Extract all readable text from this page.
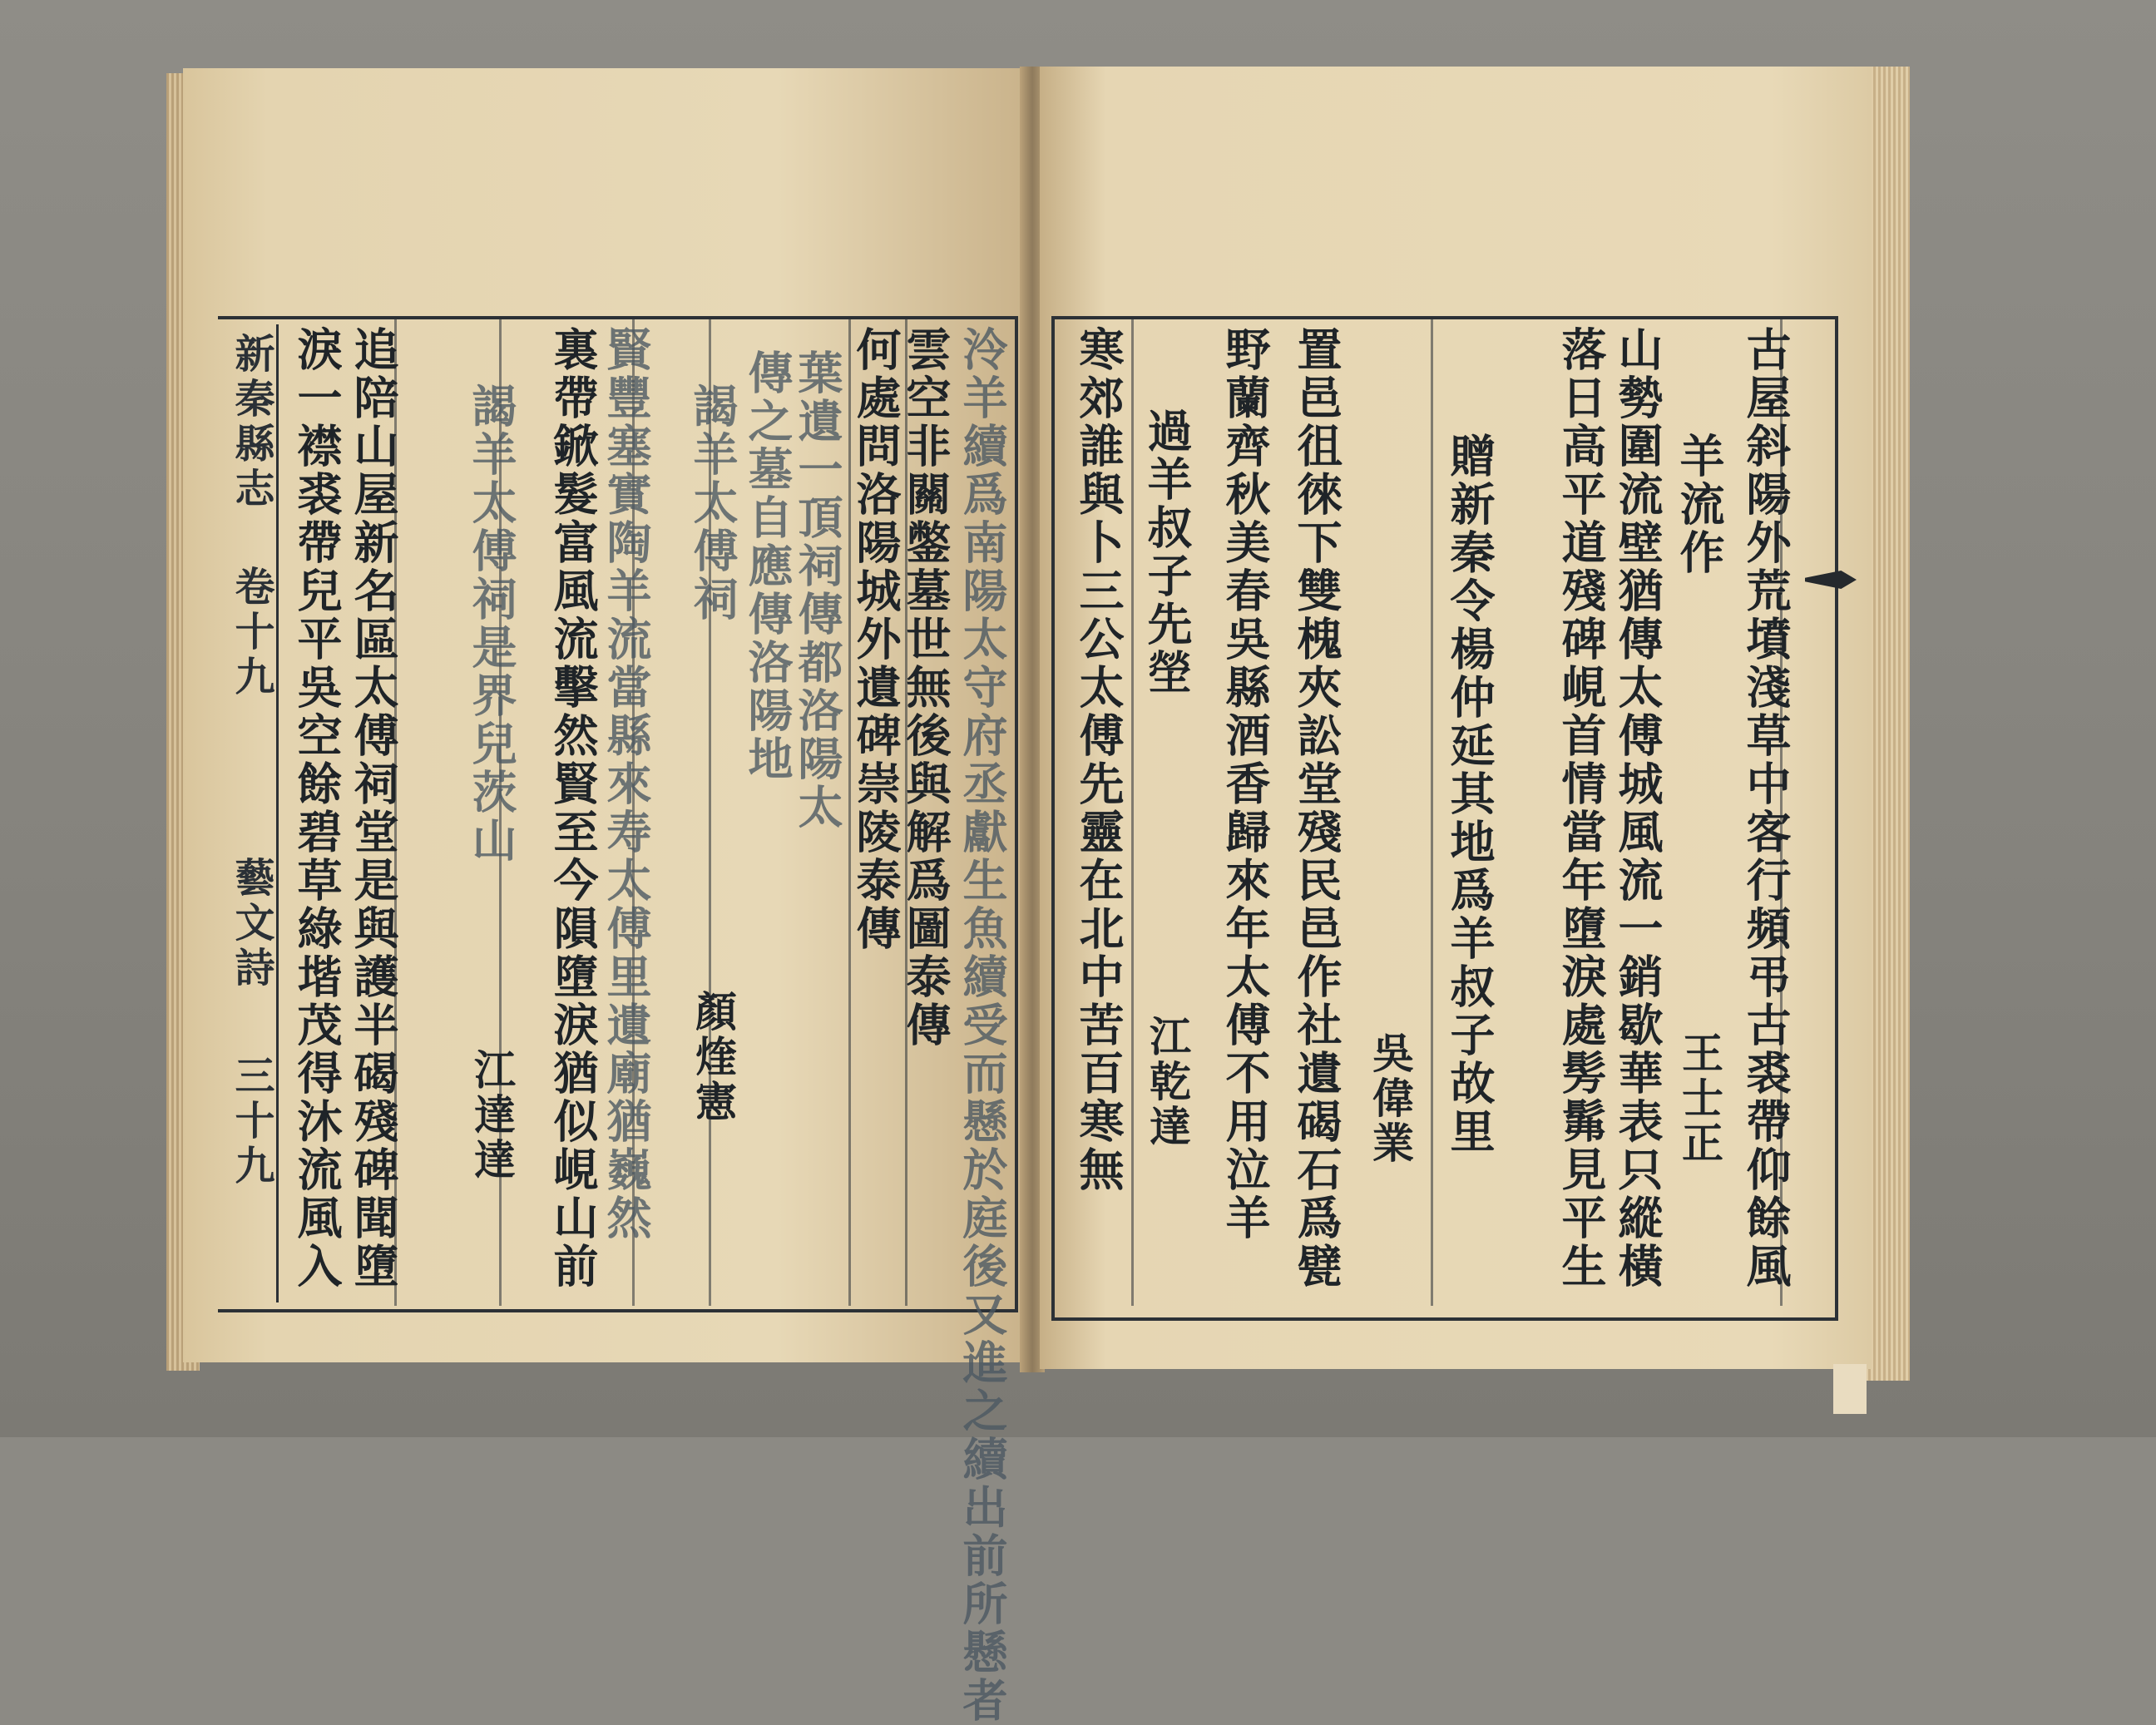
新秦縣志
卷十九
藝文詩
三十九	泠羊續爲南陽太守府丞獻生魚續受而懸於庭後又進之續出前所懸者
雲空非關鐅墓世無後與解爲圖泰傳
何處問洛陽城外遺碑崇陵泰傳
葉遺一頂祠傳都洛陽太
傳之墓自應傳洛陽地
謁羊太傅祠
顏煃憲
賢豐塞實陶羊流當縣來寿太傅里遺廟猶巍然
裏帶鍁髮富風流擊然賢至今隕墮淚猶似峴山前
謁羊太傅祠是界兒茨山
江達達
追陪山屋新名區太傅祠堂是與護半碣殘碑聞墮
淚一襟裘帶兒平吳空餘碧草綠堦茂得沐流風入	古屋斜陽外荒墳淺草中客行頻弔古裘帶仰餘風
羊流作
王士正
山勢圍流壁猶傳太傅城風流一銷歇華表只縱橫
落日高平道殘碑峴首情當年墮淚處髣髴見平生
贈新秦令楊仲延其地爲羊叔子故里
吳偉業
置邑徂徠下雙槐夾訟堂殘民邑作社遺碣石爲甓
野蘭齊秋美春吳縣酒香歸來年太傅不用泣羊
過羊叔子先塋
江乾達
寒郊誰與卜三公太傅先靈在北中苦百寒無
